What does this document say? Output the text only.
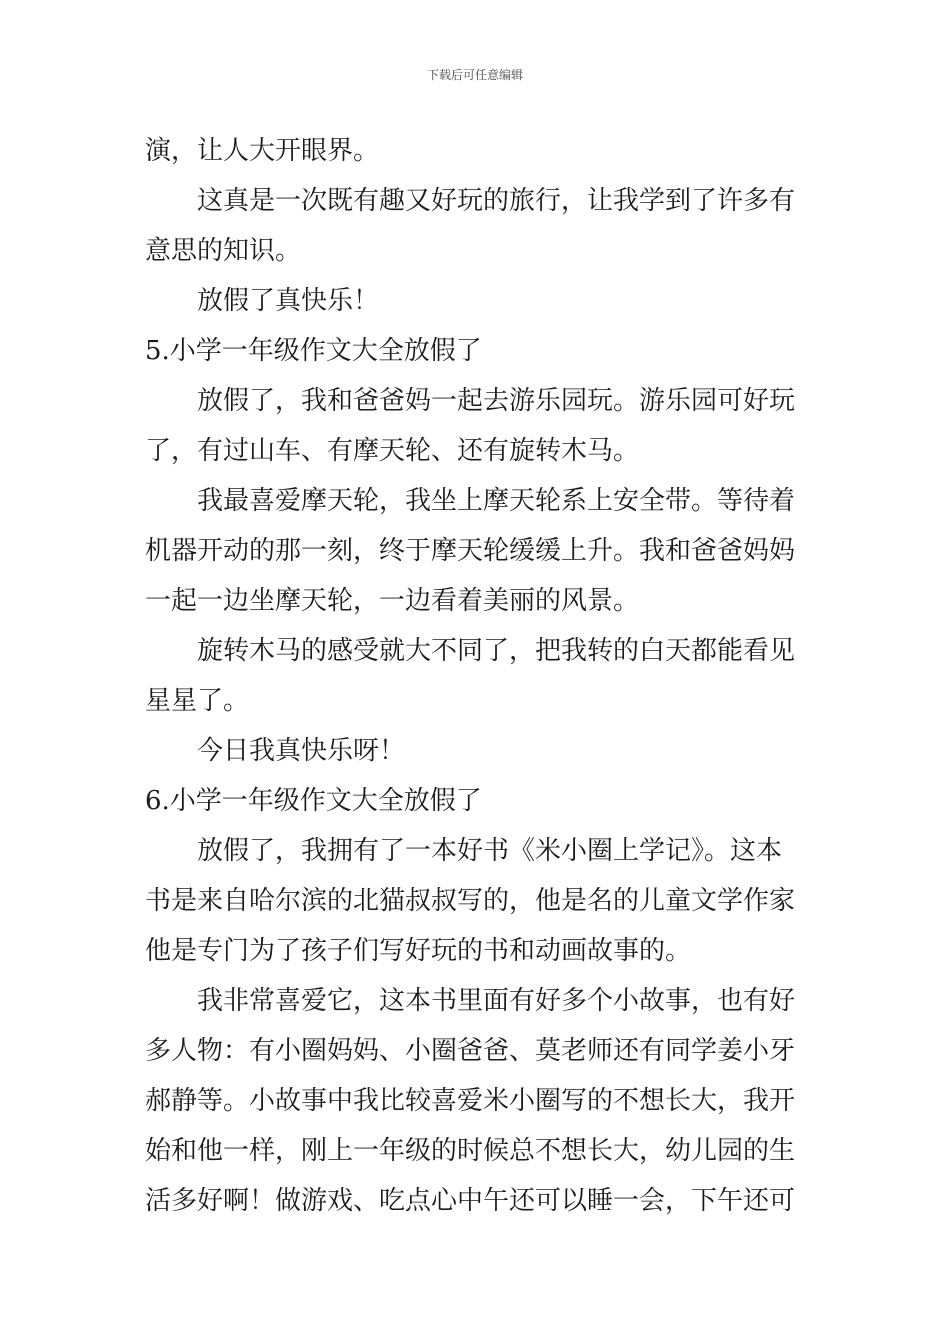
下载后可任意编辑
演，让人大开眼界。
这真是一次既有趣又好玩的旅行，让我学到了许多有
意思的知识。
放假了真快乐！
5.小学一年级作文大全放假了
放假了，我和爸爸妈一起去游乐园玩。游乐园可好玩
了，有过山车、有摩天轮、还有旋转木马。
我最喜爱摩天轮，我坐上摩天轮系上安全带。等待着
机器开动的那一刻，终于摩天轮缓缓上升。我和爸爸妈妈
一起一边坐摩天轮，一边看着美丽的风景。
旋转木马的感受就大不同了，把我转的白天都能看见
星星了。
今日我真快乐呀！
6.小学一年级作文大全放假了
放假了，我拥有了一本好书《米小圈上学记》。这本
书是来自哈尔滨的北猫叔叔写的，他是名的儿童文学作家
他是专门为了孩子们写好玩的书和动画故事的。
我非常喜爱它，这本书里面有好多个小故事，也有好
多人物：有小圈妈妈、小圈爸爸、莫老师还有同学姜小牙
郝静等。小故事中我比较喜爱米小圈写的不想长大，我开
始和他一样，刚上一年级的时候总不想长大，幼儿园的生
活多好啊！做游戏、吃点心中午还可以睡一会，下午还可
